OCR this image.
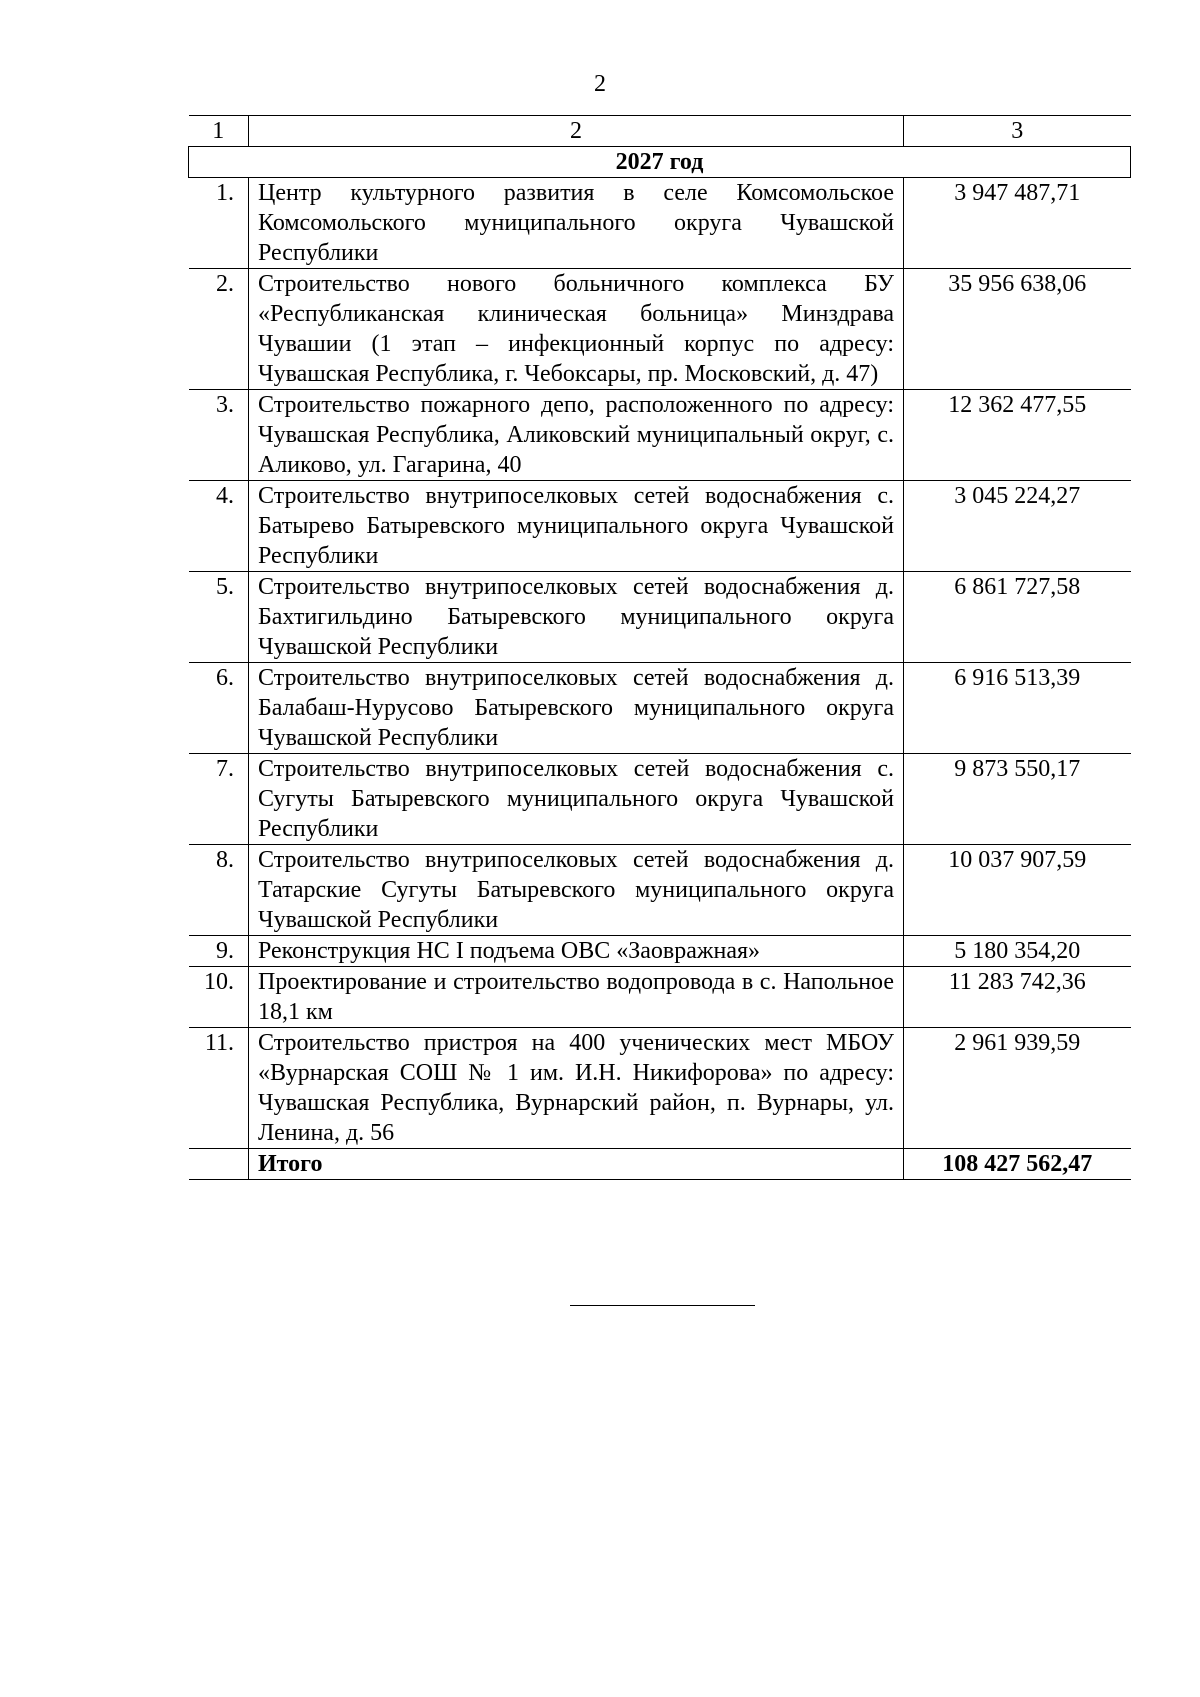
2
1	2	3
2027 год		
1.	Центр культурного развития в селе Комсомольское Комсомольского муниципального округа Чувашской Республики	3 947 487,71
2.	Строительство нового больничного комплекса БУ «Республиканская клиническая больница» Минздрава Чувашии (1 этап – инфекционный корпус по адресу: Чувашская Республика, г. Чебоксары, пр. Московский, д. 47)	35 956 638,06
3.	Строительство пожарного депо, расположенного по адресу: Чувашская Республика, Аликовский муниципальный округ, с. Аликово, ул. Гагарина, 40	12 362 477,55
4.	Строительство внутрипоселковых сетей водоснабжения с. Батырево Батыревского муниципального округа Чувашской Республики	3 045 224,27
5.	Строительство внутрипоселковых сетей водоснабжения д. Бахтигильдино Батыревского муниципального округа Чувашской Республики	6 861 727,58
6.	Строительство внутрипоселковых сетей водоснабжения д. Балабаш-Нурусово Батыревского муниципального округа Чувашской Республики	6 916 513,39
7.	Строительство внутрипоселковых сетей водоснабжения с. Сугуты Батыревского муниципального округа Чувашской Республики	9 873 550,17
8.	Строительство внутрипоселковых сетей водоснабжения д. Татарские Сугуты Батыревского муниципального округа Чувашской Республики	10 037 907,59
9.	Реконструкция НС I подъема ОВС «Заовражная»	5 180 354,20
10.	Проектирование и строительство водопровода в с. Напольное 18,1 км	11 283 742,36
11.	Строительство пристроя на 400 ученических мест МБОУ «Вурнарская СОШ № 1 им. И.Н. Никифорова» по адресу: Чувашская Республика, Вурнарский район, п. Вурнары, ул. Ленина, д. 56	2 961 939,59
	Итого	108 427 562,47
